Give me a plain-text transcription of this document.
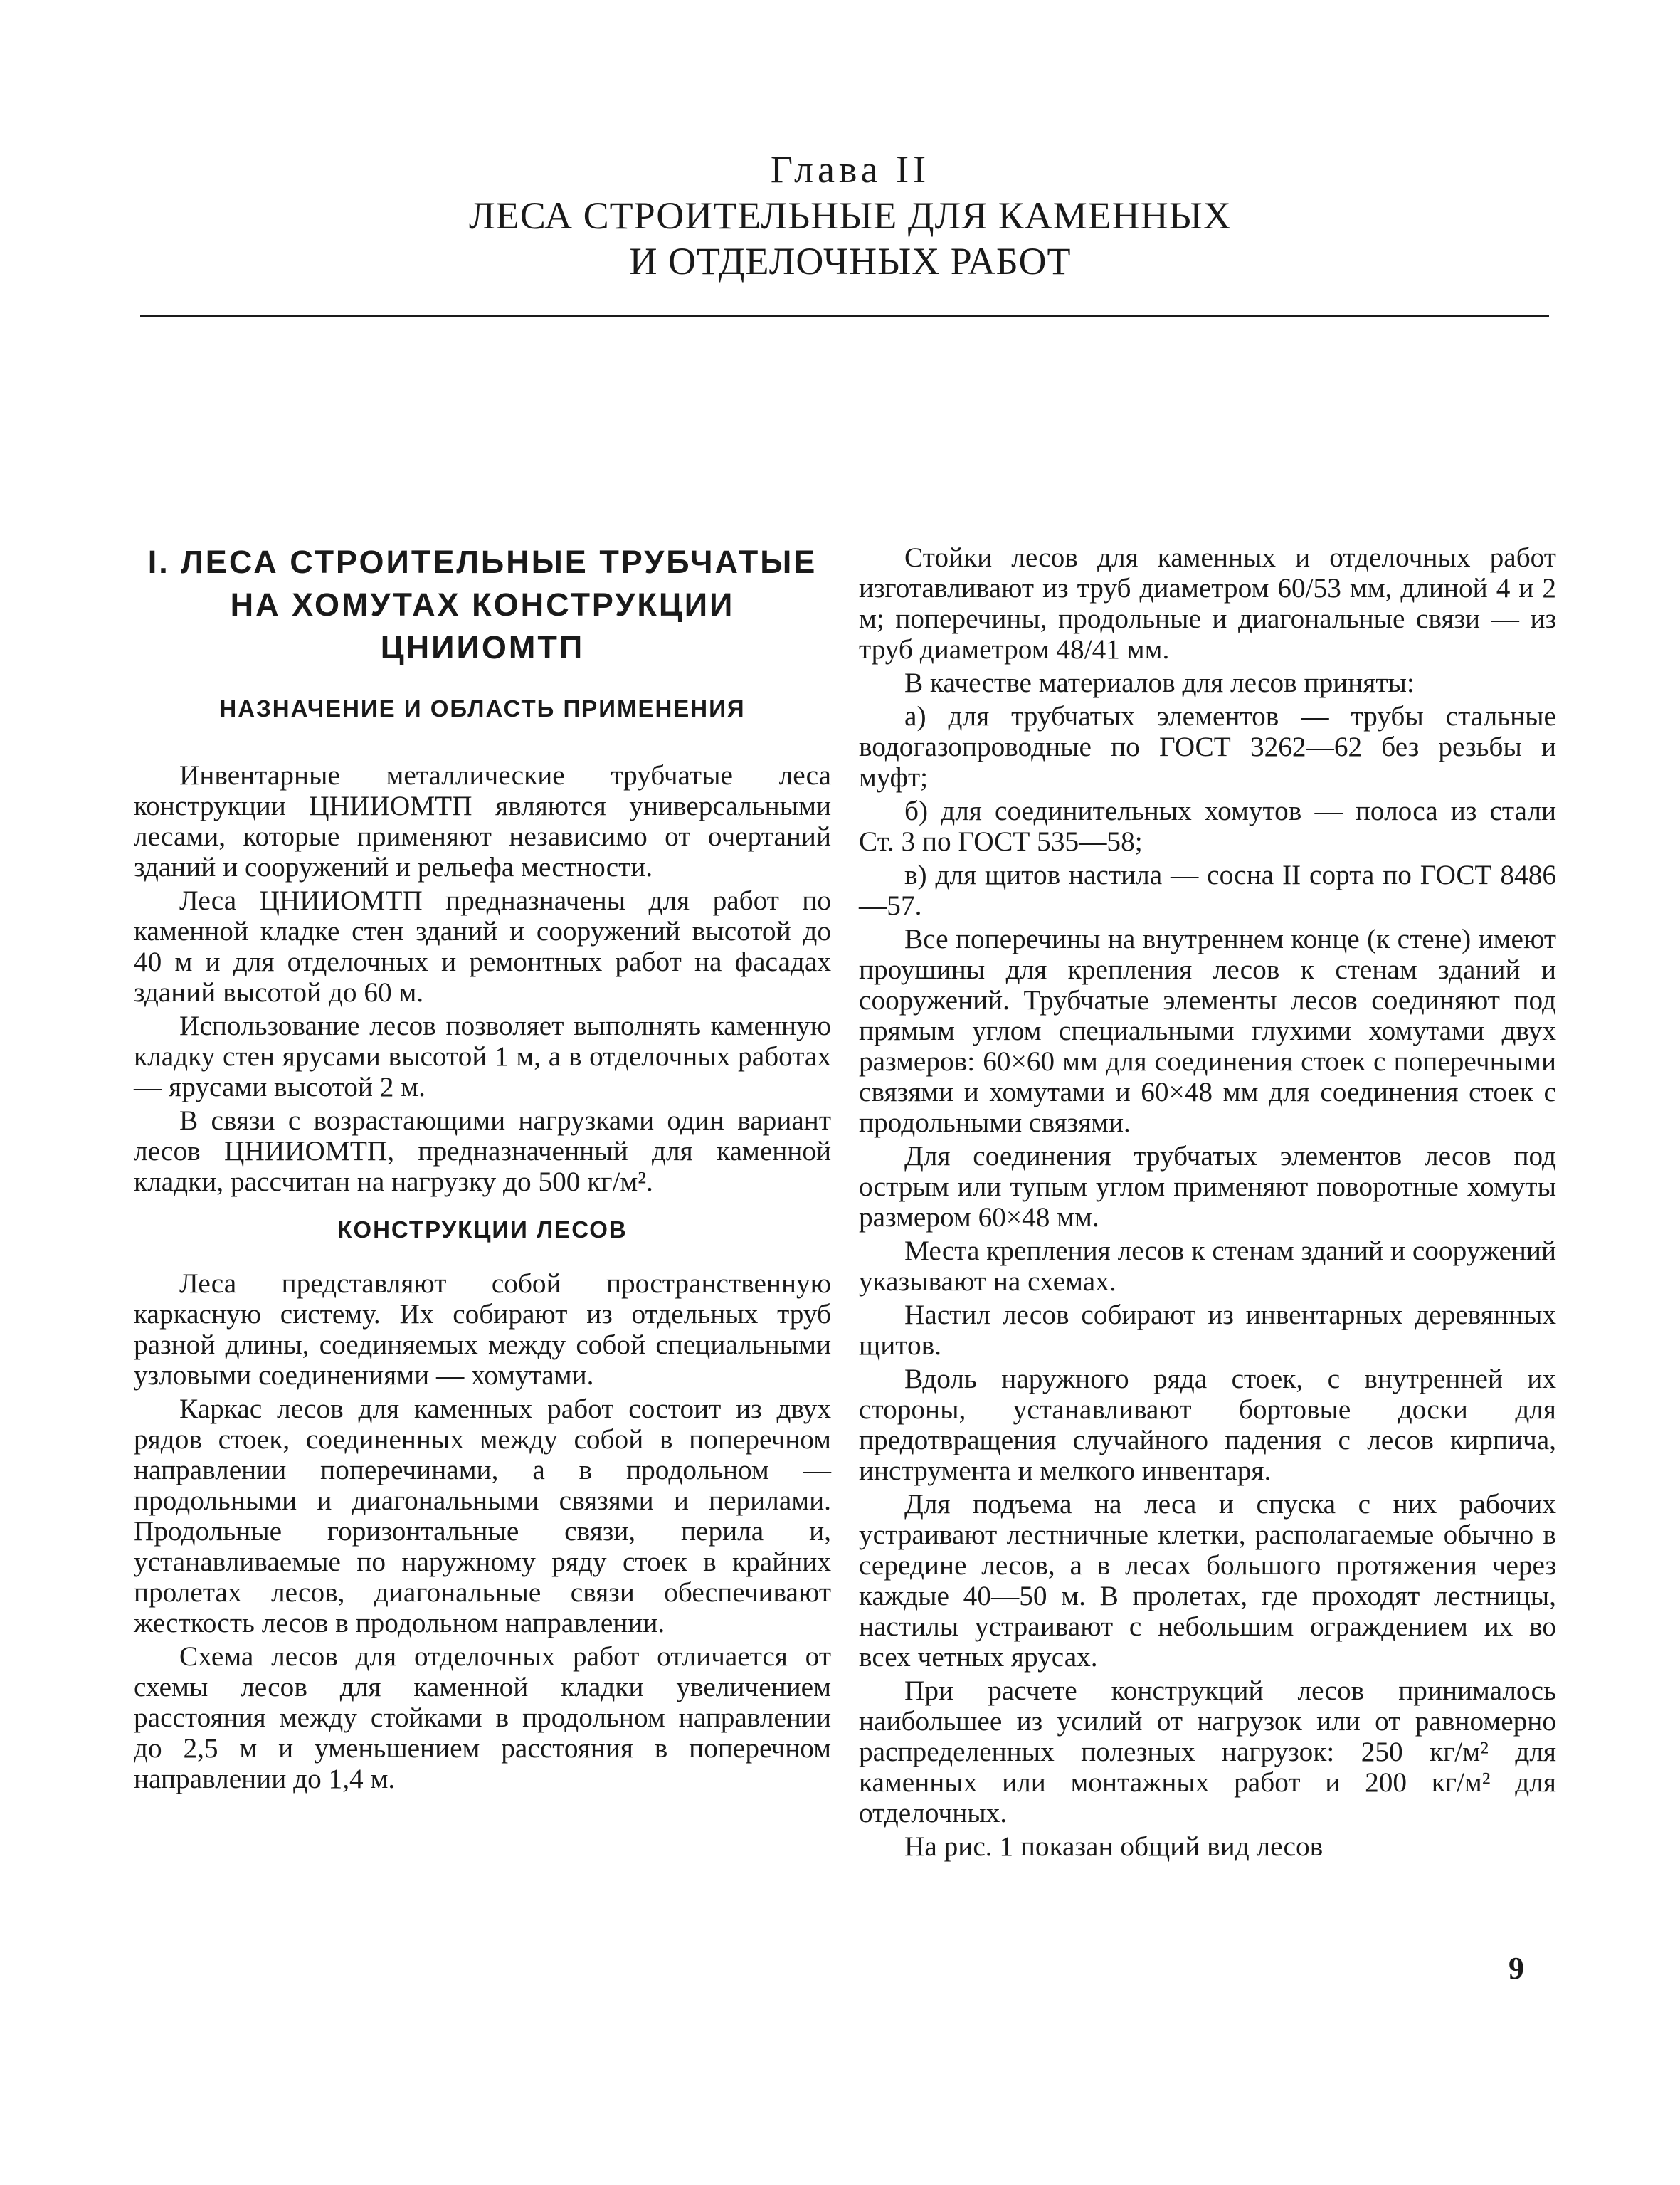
Глава II
ЛЕСА СТРОИТЕЛЬНЫЕ ДЛЯ КАМЕННЫХ
И ОТДЕЛОЧНЫХ РАБОТ
I. ЛЕСА СТРОИТЕЛЬНЫЕ ТРУБЧАТЫЕ
НА ХОМУТАХ КОНСТРУКЦИИ
ЦНИИОМТП
НАЗНАЧЕНИЕ И ОБЛАСТЬ ПРИМЕНЕНИЯ

Инвентарные металлические трубчатые леса конструкции ЦНИИОМТП являются универсальными лесами, которые применяют независимо от очертаний зданий и сооружений и рельефа местности.

Леса ЦНИИОМТП предназначены для работ по каменной кладке стен зданий и сооружений высотой до 40 м и для отделочных и ремонтных работ на фасадах зданий высотой до 60 м.

Использование лесов позволяет выполнять каменную кладку стен ярусами высотой 1 м, а в отделочных работах — ярусами высотой 2 м.

В связи с возрастающими нагрузками один вариант лесов ЦНИИОМТП, предназначенный для каменной кладки, рассчитан на нагрузку до 500 кг/м².

КОНСТРУКЦИИ ЛЕСОВ

Леса представляют собой пространственную каркасную систему. Их собирают из отдельных труб разной длины, соединяемых между собой специальными узловыми соединениями — хомутами.

Каркас лесов для каменных работ состоит из двух рядов стоек, соединенных между собой в поперечном направлении поперечинами, а в продольном — продольными и диагональными связями и перилами. Продольные горизонтальные связи, перила и, устанавливаемые по наружному ряду стоек в крайних пролетах лесов, диагональные связи обеспечивают жесткость лесов в продольном направлении.

Схема лесов для отделочных работ отличается от схемы лесов для каменной кладки увеличением расстояния между стойками в продольном направлении до 2,5 м и уменьшением расстояния в поперечном направлении до 1,4 м.

Стойки лесов для каменных и отделочных работ изготавливают из труб диаметром 60/53 мм, длиной 4 и 2 м; поперечины, продольные и диагональные связи — из труб диаметром 48/41 мм.

В качестве материалов для лесов приняты:

а) для трубчатых элементов — трубы стальные водогазопроводные по ГОСТ 3262—62 без резьбы и муфт;

б) для соединительных хомутов — полоса из стали Ст. 3 по ГОСТ 535—58;

в) для щитов настила — сосна II сорта по ГОСТ 8486—57.

Все поперечины на внутреннем конце (к стене) имеют проушины для крепления лесов к стенам зданий и сооружений. Трубчатые элементы лесов соединяют под прямым углом специальными глухими хомутами двух размеров: 60×60 мм для соединения стоек с поперечными связями и хомутами и 60×48 мм для соединения стоек с продольными связями.

Для соединения трубчатых элементов лесов под острым или тупым углом применяют поворотные хомуты размером 60×48 мм.

Места крепления лесов к стенам зданий и сооружений указывают на схемах.

Настил лесов собирают из инвентарных деревянных щитов.

Вдоль наружного ряда стоек, с внутренней их стороны, устанавливают бортовые доски для предотвращения случайного падения с лесов кирпича, инструмента и мелкого инвентаря.

Для подъема на леса и спуска с них рабочих устраивают лестничные клетки, располагаемые обычно в середине лесов, а в лесах большого протяжения через каждые 40—50 м. В пролетах, где проходят лестницы, настилы устраивают с небольшим ограждением их во всех четных ярусах.

При расчете конструкций лесов принималось наибольшее из усилий от нагрузок или от равномерно распределенных полезных нагрузок: 250 кг/м² для каменных или монтажных работ и 200 кг/м² для отделочных.

На рис. 1 показан общий вид лесов

9
